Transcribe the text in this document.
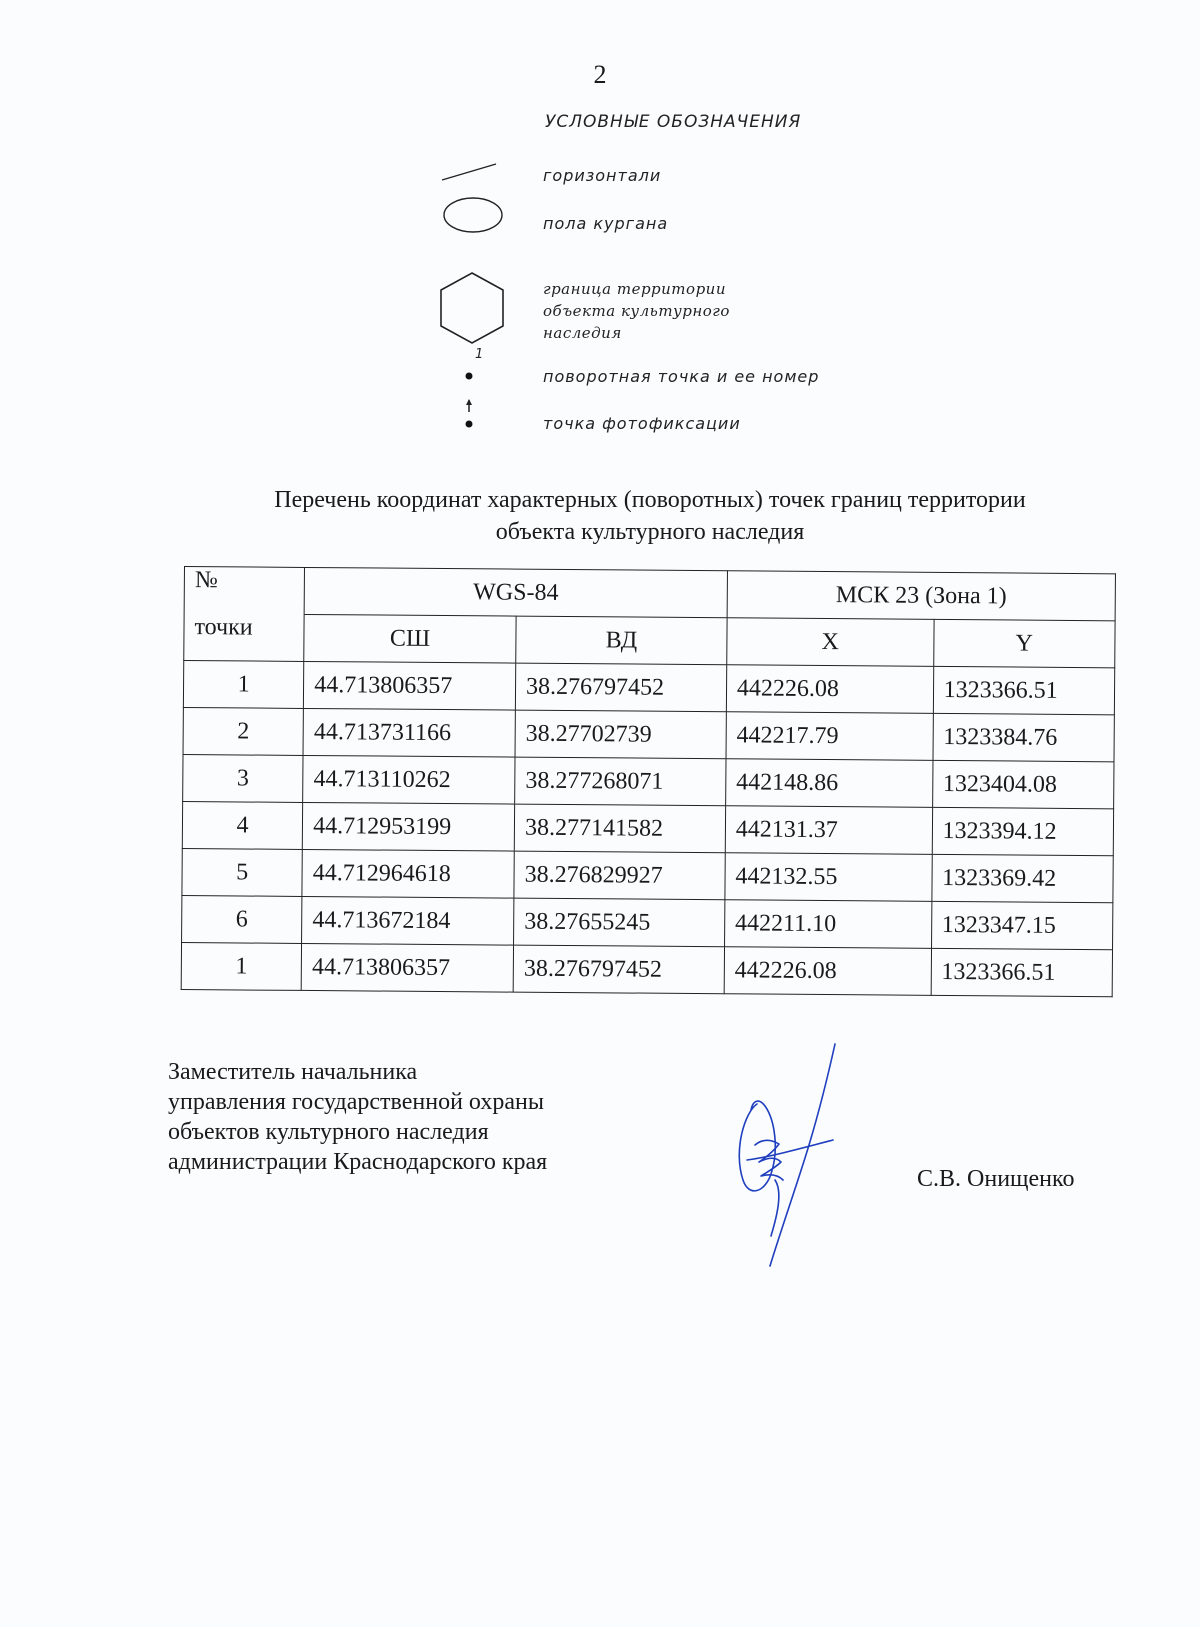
2
УСЛОВНЫЕ ОБОЗНАЧЕНИЯ
горизонтали
пола кургана
граница территории
объекта культурного
наследия
1
поворотная точка и ее номер
точка фотофиксации
Перечень координат характерных (поворотных) точек границ территории
объекта культурного наследия
№	WGS-84		МСК 23 (Зона 1)	
точки	СШ	ВД	X	Y
1	44.713806357	38.276797452	442226.08	1323366.51
2	44.713731166	38.27702739	442217.79	1323384.76
3	44.713110262	38.277268071	442148.86	1323404.08
4	44.712953199	38.277141582	442131.37	1323394.12
5	44.712964618	38.276829927	442132.55	1323369.42
6	44.713672184	38.27655245	442211.10	1323347.15
1	44.713806357	38.276797452	442226.08	1323366.51
Заместитель начальника
управления государственной охраны
объектов культурного наследия
администрации Краснодарского края
С.В. Онищенко
